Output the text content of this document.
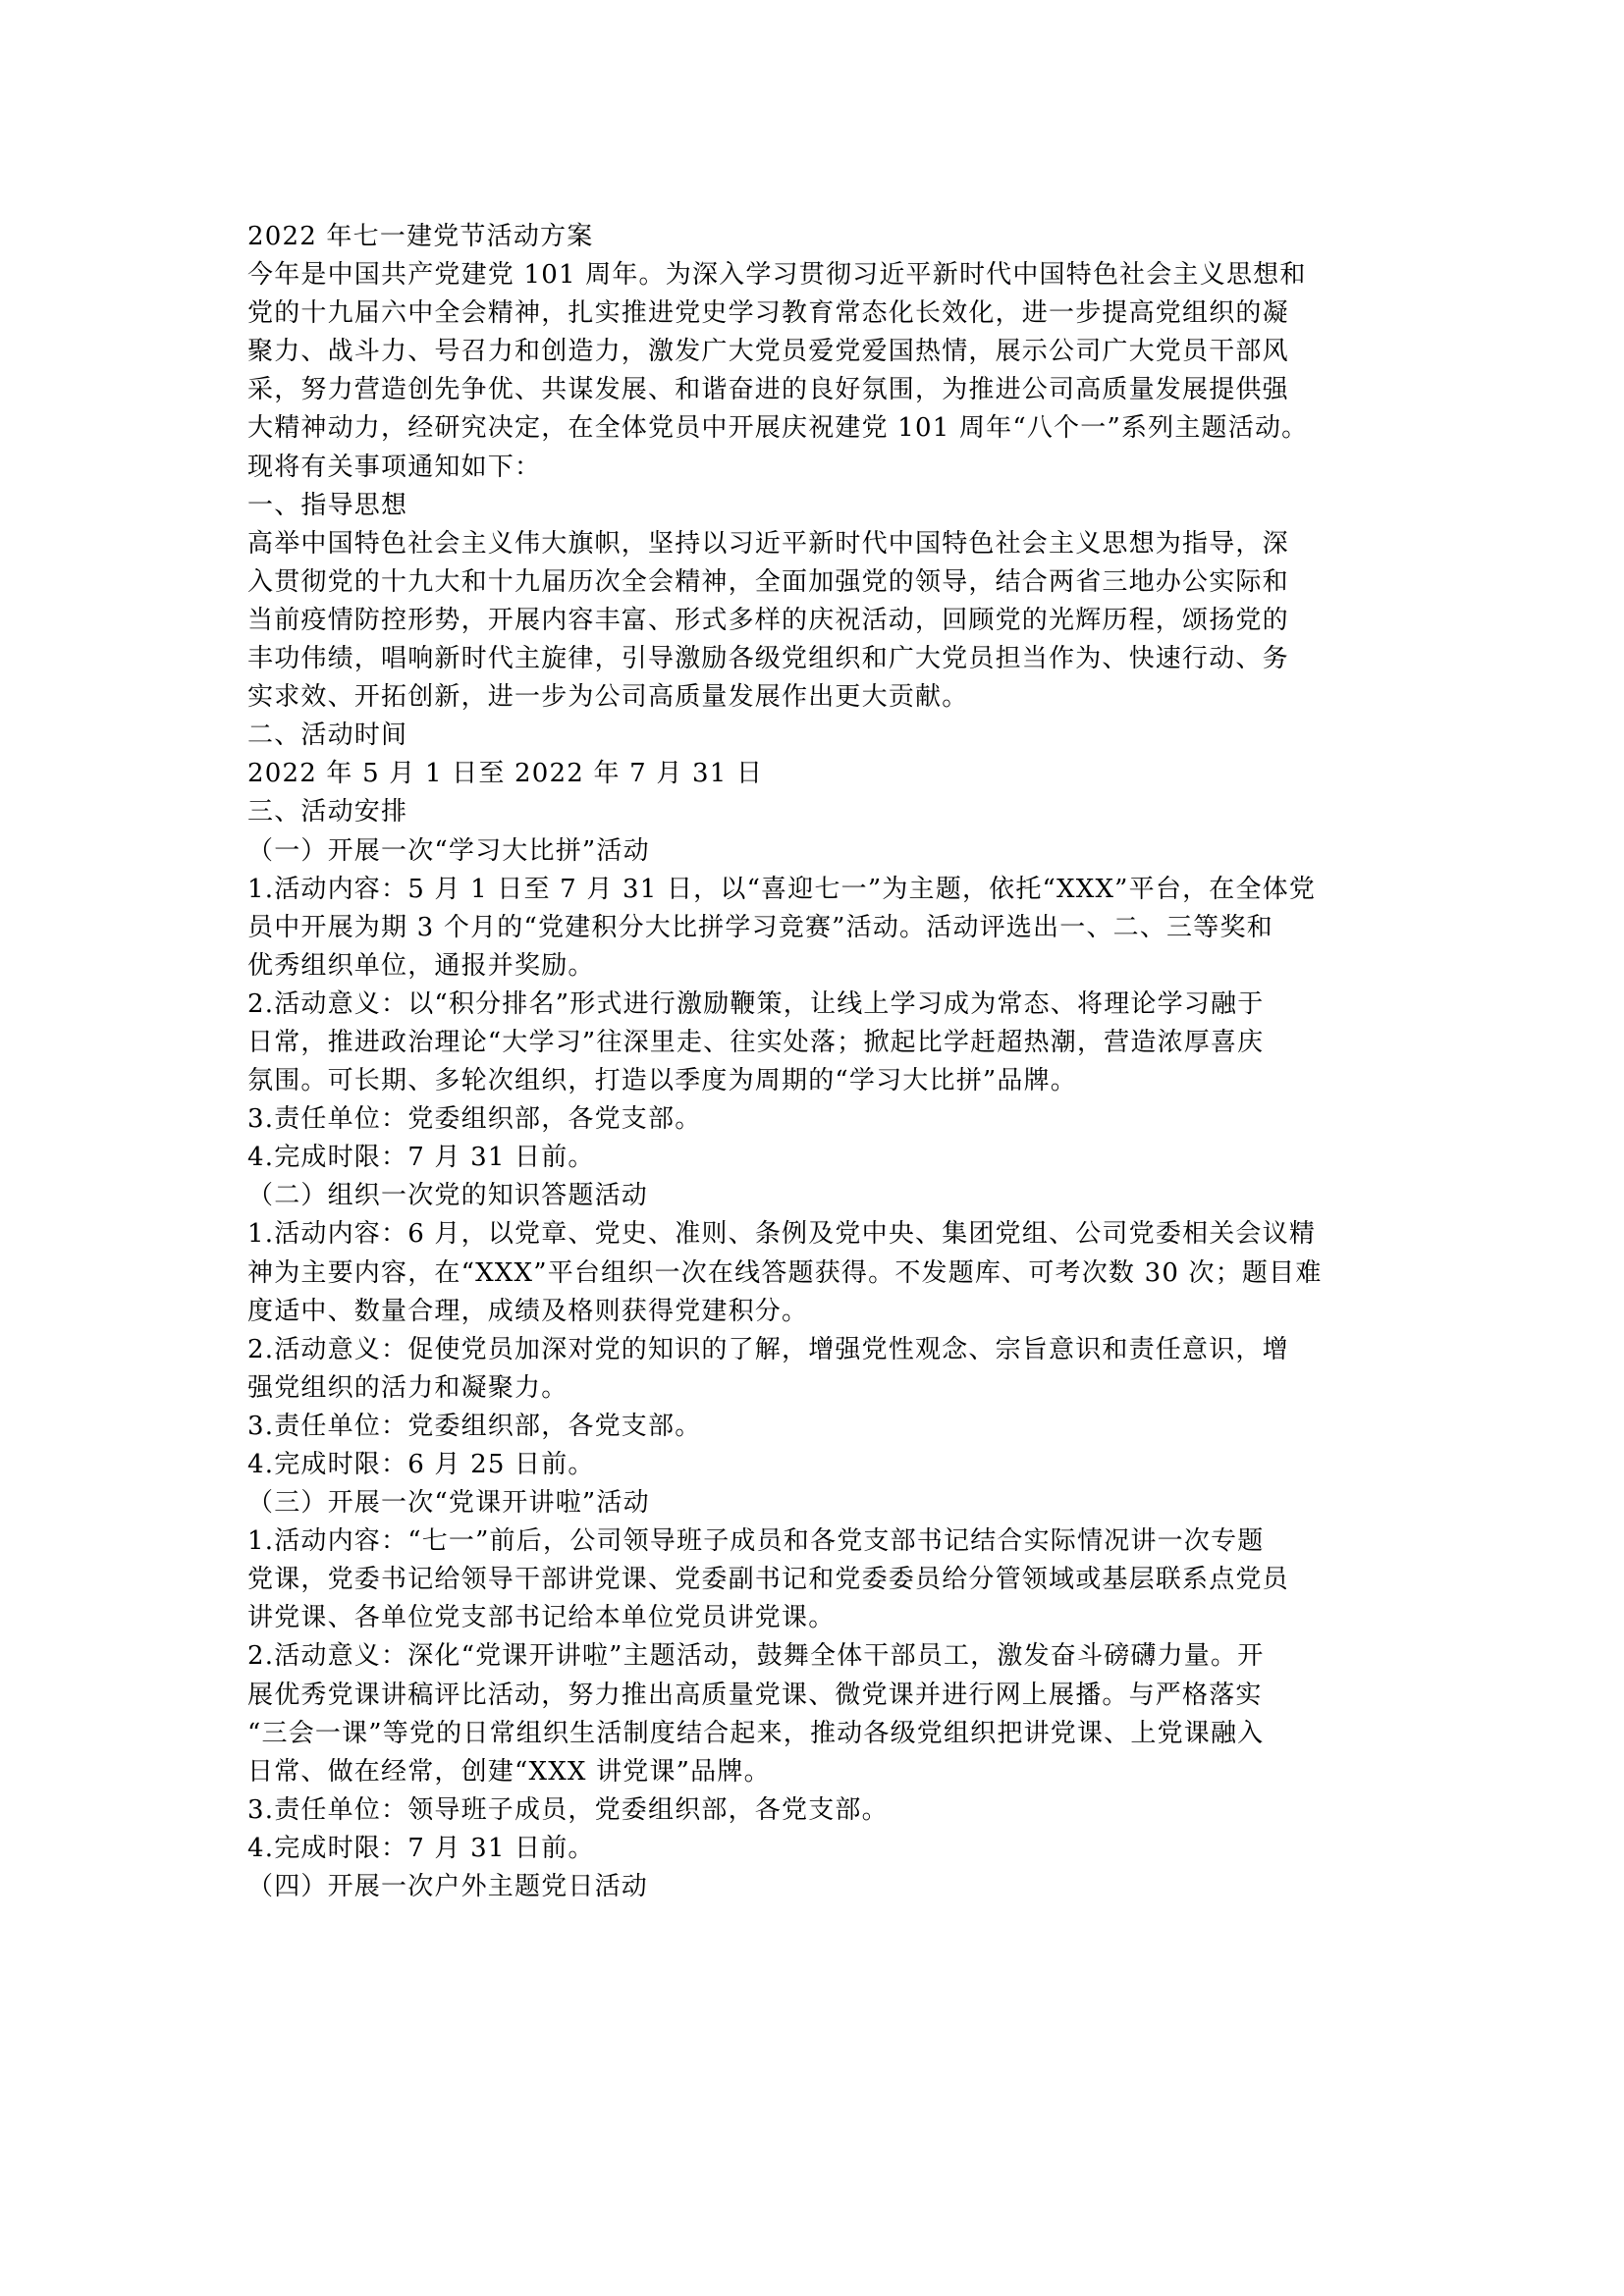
2022 年七一建党节活动方案
今年是中国共产党建党 101 周年。为深入学习贯彻习近平新时代中国特色社会主义思想和
党的十九届六中全会精神，扎实推进党史学习教育常态化长效化，进一步提高党组织的凝
聚力、战斗力、号召力和创造力，激发广大党员爱党爱国热情，展示公司广大党员干部风
采，努力营造创先争优、共谋发展、和谐奋进的良好氛围，为推进公司高质量发展提供强
大精神动力，经研究决定，在全体党员中开展庆祝建党 101 周年“八个一”系列主题活动。
现将有关事项通知如下：
一、指导思想
高举中国特色社会主义伟大旗帜，坚持以习近平新时代中国特色社会主义思想为指导，深
入贯彻党的十九大和十九届历次全会精神，全面加强党的领导，结合两省三地办公实际和
当前疫情防控形势，开展内容丰富、形式多样的庆祝活动，回顾党的光辉历程，颂扬党的
丰功伟绩，唱响新时代主旋律，引导激励各级党组织和广大党员担当作为、快速行动、务
实求效、开拓创新，进一步为公司高质量发展作出更大贡献。
二、活动时间
2022 年 5 月 1 日至 2022 年 7 月 31 日
三、活动安排
（一）开展一次“学习大比拼”活动
1.活动内容：5 月 1 日至 7 月 31 日，以“喜迎七一”为主题，依托“XXX”平台，在全体党
员中开展为期 3 个月的“党建积分大比拼学习竞赛”活动。活动评选出一、二、三等奖和
优秀组织单位，通报并奖励。
2.活动意义：以“积分排名”形式进行激励鞭策，让线上学习成为常态、将理论学习融于
日常，推进政治理论“大学习”往深里走、往实处落；掀起比学赶超热潮，营造浓厚喜庆
氛围。可长期、多轮次组织，打造以季度为周期的“学习大比拼”品牌。
3.责任单位：党委组织部，各党支部。
4.完成时限：7 月 31 日前。
（二）组织一次党的知识答题活动
1.活动内容：6 月，以党章、党史、准则、条例及党中央、集团党组、公司党委相关会议精
神为主要内容，在“XXX”平台组织一次在线答题获得。不发题库、可考次数 30 次；题目难
度适中、数量合理，成绩及格则获得党建积分。
2.活动意义：促使党员加深对党的知识的了解，增强党性观念、宗旨意识和责任意识，增
强党组织的活力和凝聚力。
3.责任单位：党委组织部，各党支部。
4.完成时限：6 月 25 日前。
（三）开展一次“党课开讲啦”活动
1.活动内容：“七一”前后，公司领导班子成员和各党支部书记结合实际情况讲一次专题
党课，党委书记给领导干部讲党课、党委副书记和党委委员给分管领域或基层联系点党员
讲党课、各单位党支部书记给本单位党员讲党课。
2.活动意义：深化“党课开讲啦”主题活动，鼓舞全体干部员工，激发奋斗磅礴力量。开
展优秀党课讲稿评比活动，努力推出高质量党课、微党课并进行网上展播。与严格落实
“三会一课”等党的日常组织生活制度结合起来，推动各级党组织把讲党课、上党课融入
日常、做在经常，创建“XXX 讲党课”品牌。
3.责任单位：领导班子成员，党委组织部，各党支部。
4.完成时限：7 月 31 日前。
（四）开展一次户外主题党日活动
